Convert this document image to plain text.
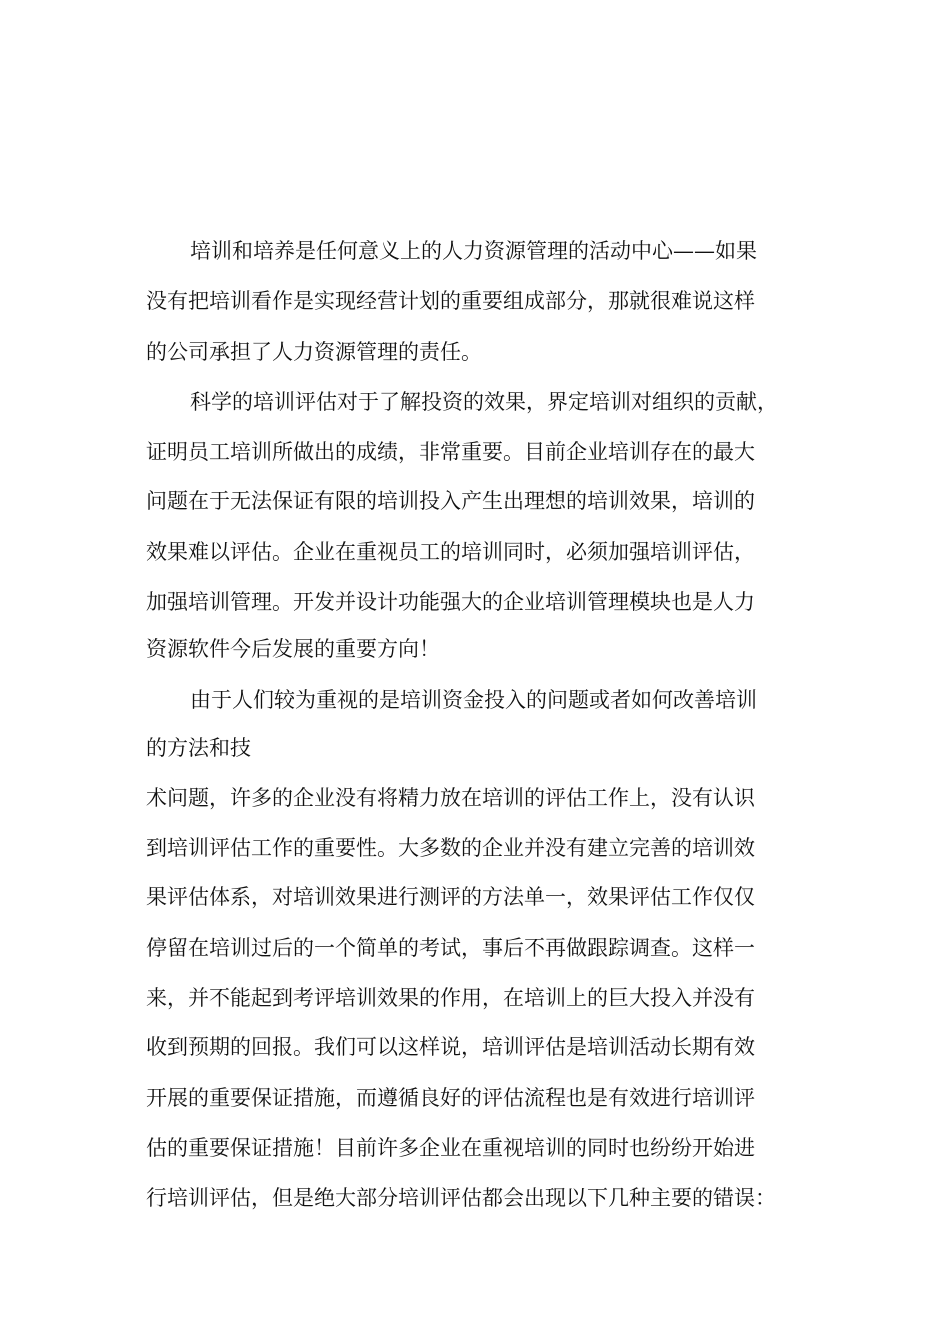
培训和培养是任何意义上的人力资源管理的活动中心——如果
没有把培训看作是实现经营计划的重要组成部分，那就很难说这样
的公司承担了人力资源管理的责任。
科学的培训评估对于了解投资的效果，界定培训对组织的贡献，
证明员工培训所做出的成绩，非常重要。目前企业培训存在的最大
问题在于无法保证有限的培训投入产生出理想的培训效果，培训的
效果难以评估。企业在重视员工的培训同时，必须加强培训评估，
加强培训管理。开发并设计功能强大的企业培训管理模块也是人力
资源软件今后发展的重要方向！
由于人们较为重视的是培训资金投入的问题或者如何改善培训
的方法和技
术问题，许多的企业没有将精力放在培训的评估工作上，没有认识
到培训评估工作的重要性。大多数的企业并没有建立完善的培训效
果评估体系，对培训效果进行测评的方法单一，效果评估工作仅仅
停留在培训过后的一个简单的考试，事后不再做跟踪调查。这样一
来，并不能起到考评培训效果的作用，在培训上的巨大投入并没有
收到预期的回报。我们可以这样说，培训评估是培训活动长期有效
开展的重要保证措施，而遵循良好的评估流程也是有效进行培训评
估的重要保证措施！目前许多企业在重视培训的同时也纷纷开始进
行培训评估，但是绝大部分培训评估都会出现以下几种主要的错误：
